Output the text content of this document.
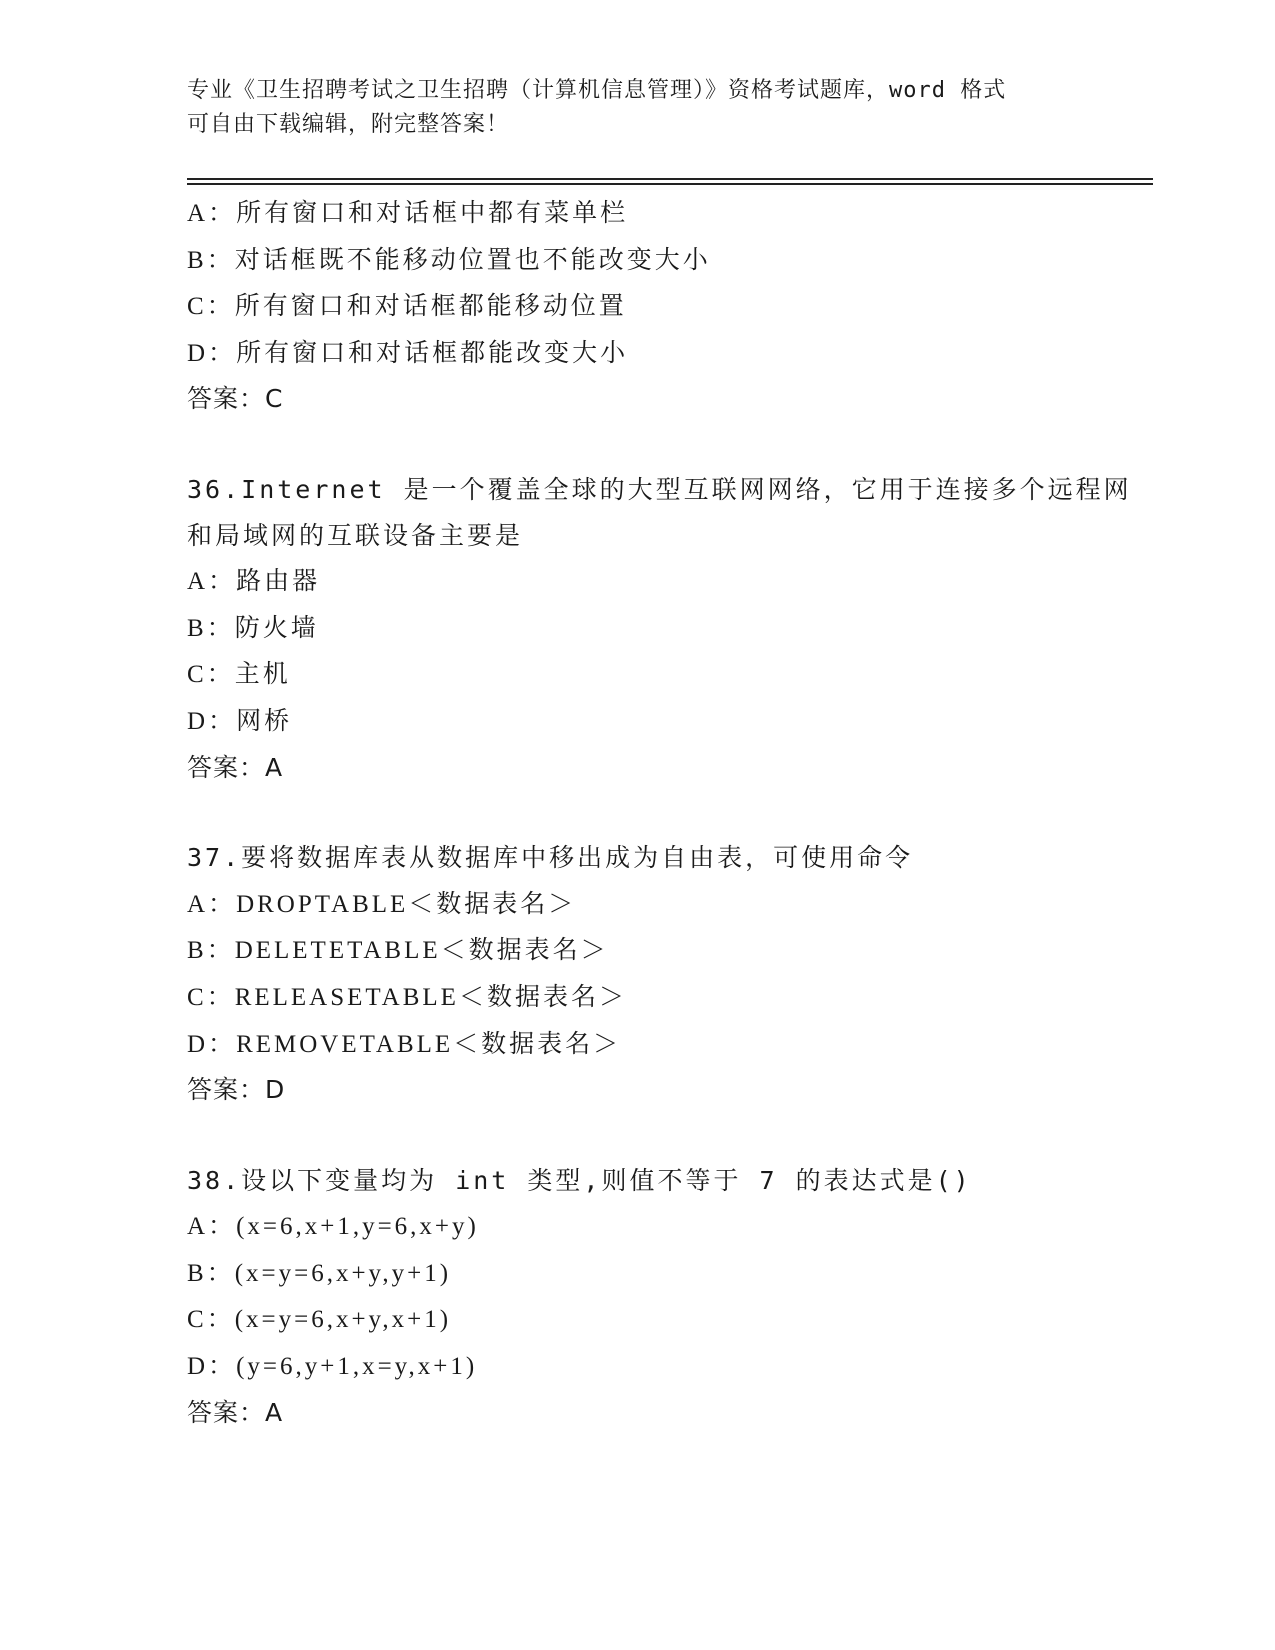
专业《卫生招聘考试之卫生招聘（计算机信息管理）》资格考试题库，word 格式
可自由下载编辑，附完整答案！
A：所有窗口和对话框中都有菜单栏
B：对话框既不能移动位置也不能改变大小
C：所有窗口和对话框都能移动位置
D：所有窗口和对话框都能改变大小
答案：C
36.Internet 是一个覆盖全球的大型互联网网络，它用于连接多个远程网和局域网的互联设备主要是
A：路由器
B：防火墙
C：主机
D：网桥
答案：A
37.要将数据库表从数据库中移出成为自由表，可使用命令
A：DROPTABLE＜数据表名＞
B：DELETETABLE＜数据表名＞
C：RELEASETABLE＜数据表名＞
D：REMOVETABLE＜数据表名＞
答案：D
38.设以下变量均为 int 类型,则值不等于 7 的表达式是()
A：(x=6,x+1,y=6,x+y)
B：(x=y=6,x+y,y+1)
C：(x=y=6,x+y,x+1)
D：(y=6,y+1,x=y,x+1)
答案：A
